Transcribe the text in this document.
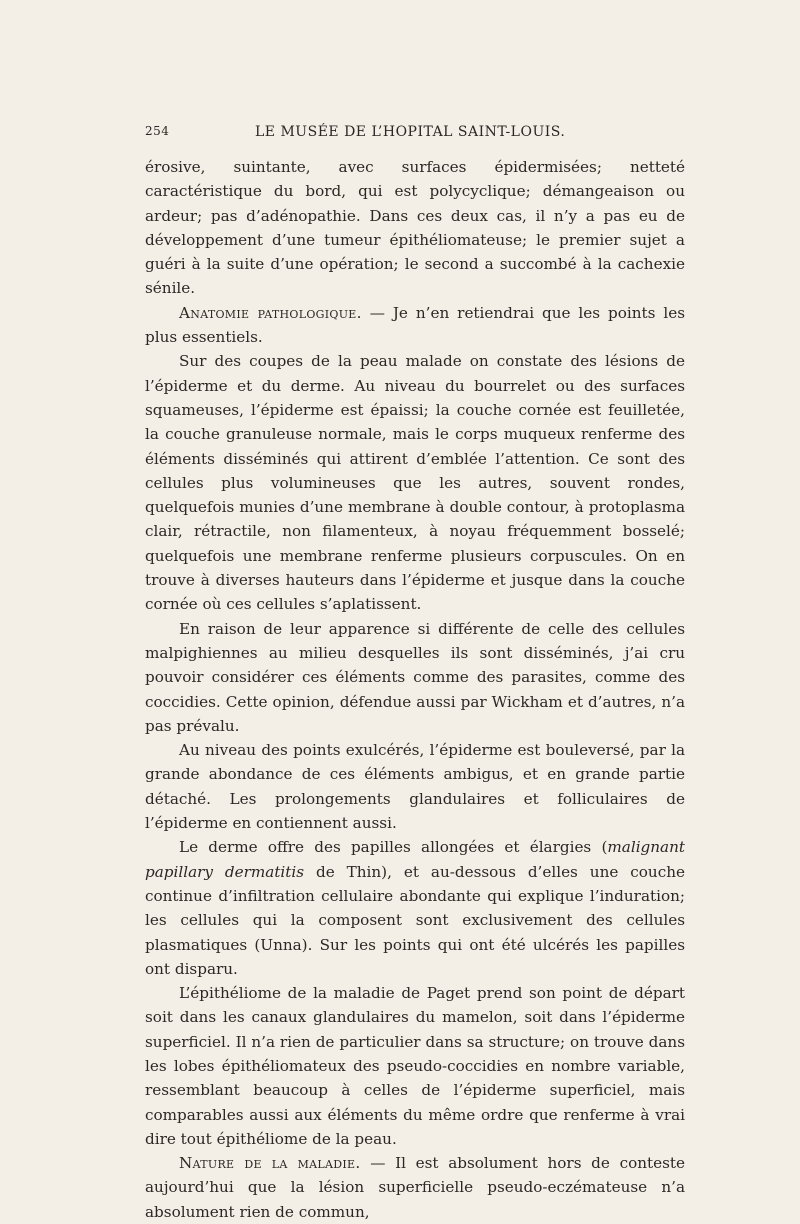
254	LE MUSÉE DE L’HOPITAL SAINT-LOUIS.

érosive, suintante, avec surfaces épidermisées; netteté caractéristique du bord, qui est polycyclique; démangeaison ou ardeur; pas d’adénopathie. Dans ces deux cas, il n’y a pas eu de développement d’une tumeur épithéliomateuse; le premier sujet a guéri à la suite d’une opération; le second a succombé à la cachexie sénile.

Anatomie pathologique. — Je n’en retiendrai que les points les plus essentiels.

Sur des coupes de la peau malade on constate des lésions de l’épiderme et du derme. Au niveau du bourrelet ou des surfaces squameuses, l’épiderme est épaissi; la couche cornée est feuilletée, la couche granuleuse normale, mais le corps muqueux renferme des éléments disséminés qui attirent d’emblée l’attention. Ce sont des cellules plus volumineuses que les autres, souvent rondes, quelquefois munies d’une membrane à double contour, à protoplasma clair, rétractile, non filamenteux, à noyau fréquemment bosselé; quelquefois une membrane renferme plusieurs corpuscules. On en trouve à diverses hauteurs dans l’épiderme et jusque dans la couche cornée où ces cellules s’aplatissent.

En raison de leur apparence si différente de celle des cellules malpighiennes au milieu desquelles ils sont disséminés, j’ai cru pouvoir considérer ces éléments comme des parasites, comme des coccidies. Cette opinion, défendue aussi par Wickham et d’autres, n’a pas prévalu.

Au niveau des points exulcérés, l’épiderme est bouleversé, par la grande abondance de ces éléments ambigus, et en grande partie détaché. Les prolongements glandulaires et folliculaires de l’épiderme en contiennent aussi.

Le derme offre des papilles allongées et élargies (malignant papillary dermatitis de Thin), et au-dessous d’elles une couche continue d’infiltration cellulaire abondante qui explique l’induration; les cellules qui la composent sont exclusivement des cellules plasmatiques (Unna). Sur les points qui ont été ulcérés les papilles ont disparu.

L’épithéliome de la maladie de Paget prend son point de départ soit dans les canaux glandulaires du mamelon, soit dans l’épiderme superficiel. Il n’a rien de particulier dans sa structure; on trouve dans les lobes épithéliomateux des pseudo-coccidies en nombre variable, ressemblant beaucoup à celles de l’épiderme superficiel, mais comparables aussi aux éléments du même ordre que renferme à vrai dire tout épithéliome de la peau.

Nature de la maladie. — Il est absolument hors de conteste aujourd’hui que la lésion superficielle pseudo-eczémateuse n’a absolument rien de commun,
